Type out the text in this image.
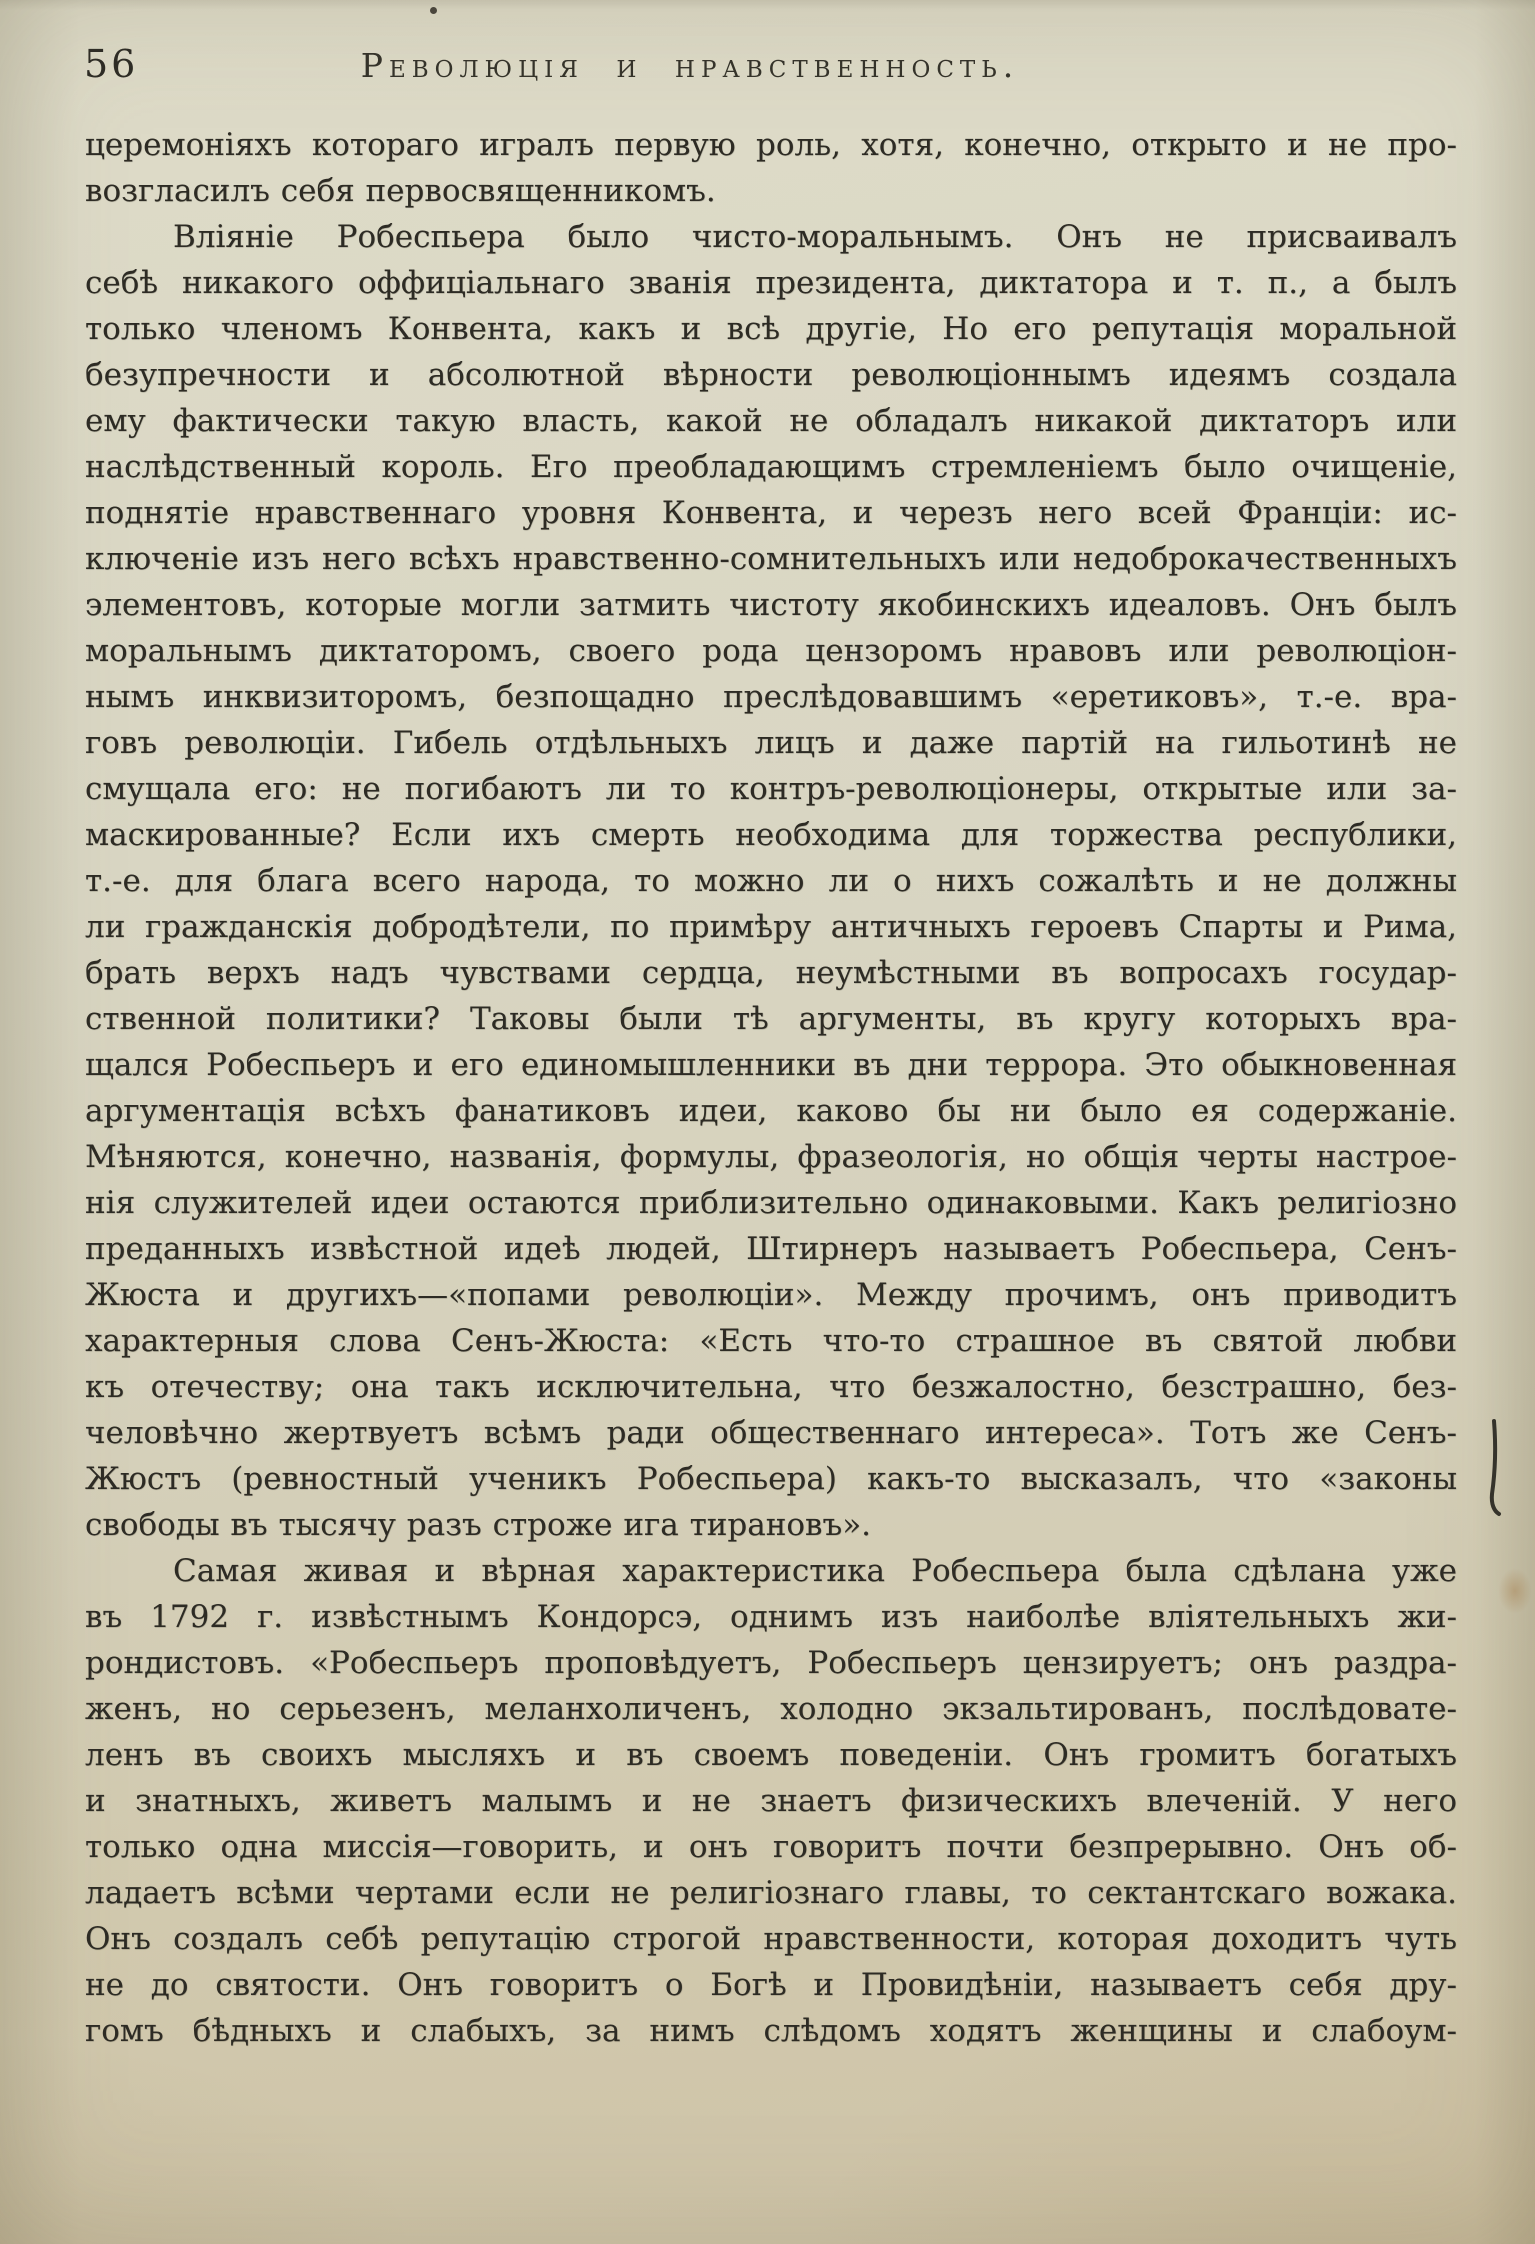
56	Революція и нравственность.
церемоніяхъ котораго игралъ первую роль, хотя, конечно, открыто и не про-
возгласилъ себя первосвященникомъ.
Вліяніе Робеспьера было чисто-моральнымъ. Онъ не присваивалъ
себѣ никакого оффиціальнаго званія президента, диктатора и т. п., а былъ
только членомъ Конвента, какъ и всѣ другіе, Но его репутація моральной
безупречности и абсолютной вѣрности революціоннымъ идеямъ создала
ему фактически такую власть, какой не обладалъ никакой диктаторъ или
наслѣдственный король. Его преобладающимъ стремленіемъ было очищеніе,
поднятіе нравственнаго уровня Конвента, и черезъ него всей Франціи: ис-
ключеніе изъ него всѣхъ нравственно-сомнительныхъ или недоброкачественныхъ
элементовъ, которые могли затмить чистоту якобинскихъ идеаловъ. Онъ былъ
моральнымъ диктаторомъ, своего рода цензоромъ нравовъ или революціон-
нымъ инквизиторомъ, безпощадно преслѣдовавшимъ «еретиковъ», т.-е. вра-
говъ революціи. Гибель отдѣльныхъ лицъ и даже партій на гильотинѣ не
смущала его: не погибаютъ ли то контръ-революціонеры, открытые или за-
маскированные? Если ихъ смерть необходима для торжества республики,
т.-е. для блага всего народа, то можно ли о нихъ сожалѣть и не должны
ли гражданскія добродѣтели, по примѣру античныхъ героевъ Спарты и Рима,
брать верхъ надъ чувствами сердца, неумѣстными въ вопросахъ государ-
ственной политики? Таковы были тѣ аргументы, въ кругу которыхъ вра-
щался Робеспьеръ и его единомышленники въ дни террора. Это обыкновенная
аргументація всѣхъ фанатиковъ идеи, каково бы ни было ея содержаніе.
Мѣняются, конечно, названія, формулы, фразеологія, но общія черты настрое-
нія служителей идеи остаются приблизительно одинаковыми. Какъ религіозно
преданныхъ извѣстной идеѣ людей, Штирнеръ называетъ Робеспьера, Сенъ-
Жюста и другихъ—«попами революціи». Между прочимъ, онъ приводитъ
характерныя слова Сенъ-Жюста: «Есть что-то страшное въ святой любви
къ отечеству; она такъ исключительна, что безжалостно, безстрашно, без-
человѣчно жертвуетъ всѣмъ ради общественнаго интереса». Тотъ же Сенъ-
Жюстъ (ревностный ученикъ Робеспьера) какъ-то высказалъ, что «законы
свободы въ тысячу разъ строже ига тирановъ».
Самая живая и вѣрная характеристика Робеспьера была сдѣлана уже
въ 1792 г. извѣстнымъ Кондорсэ, однимъ изъ наиболѣе вліятельныхъ жи-
рондистовъ. «Робеспьеръ проповѣдуетъ, Робеспьеръ цензируетъ; онъ раздра-
женъ, но серьезенъ, меланхоличенъ, холодно экзальтированъ, послѣдовате-
ленъ въ своихъ мысляхъ и въ своемъ поведеніи. Онъ громитъ богатыхъ
и знатныхъ, живетъ малымъ и не знаетъ физическихъ влеченій. У него
только одна миссія—говорить, и онъ говоритъ почти безпрерывно. Онъ об-
ладаетъ всѣми чертами если не религіознаго главы, то сектантскаго вожака.
Онъ создалъ себѣ репутацію строгой нравственности, которая доходитъ чуть
не до святости. Онъ говоритъ о Богѣ и Провидѣніи, называетъ себя дру-
гомъ бѣдныхъ и слабыхъ, за нимъ слѣдомъ ходятъ женщины и слабоум-
